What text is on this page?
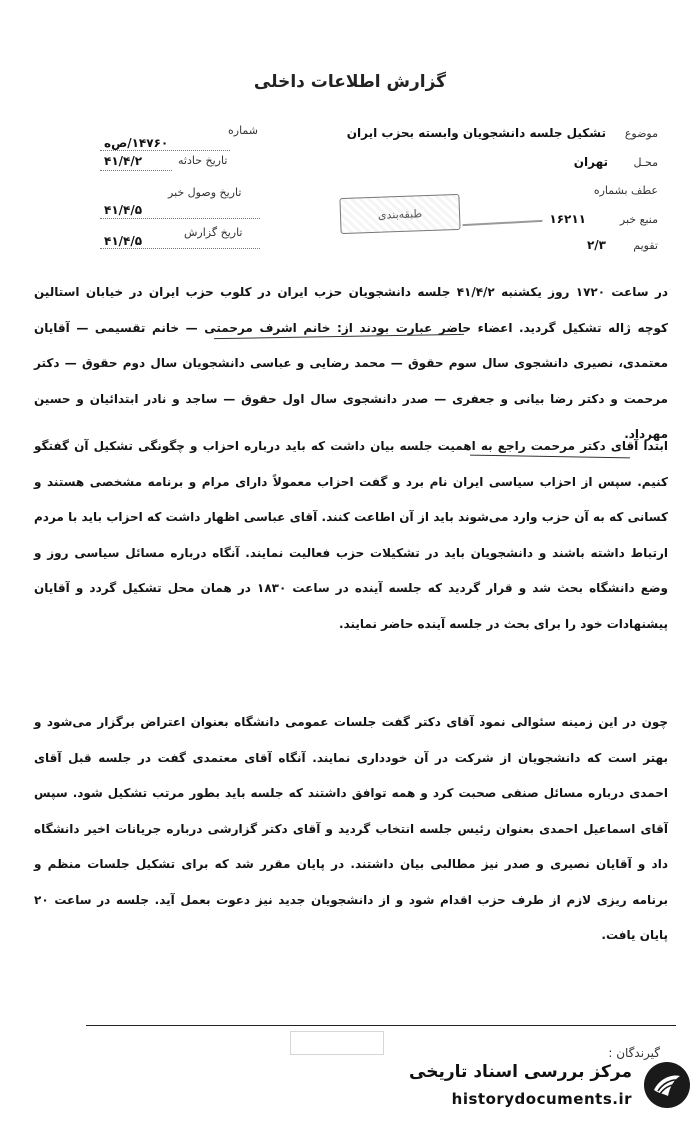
گزارش اطلاعات داخلی
موضوع
تشکیل جلسه دانشجویان وابسته بحزب ایران
محـل
تهران
عطف بشماره
منبع خبر
۱۶۲۱۱
تقویم
۲/۳
شماره
۱۴۷۶۰/ص‌ه
تاریخ حادثه
۴۱/۴/۲
تاریخ وصول خبر
۴۱/۴/۵
تاریخ گزارش
۴۱/۴/۵
طبقه‌بندی
در ساعت ۱۷۲۰ روز یکشنبه ۴۱/۴/۲ جلسه دانشجویان حزب ایران در کلوب حزب ایران در خیابان استالین کوچه ژاله تشکیل گردید. اعضاء حاضر عبارت بودند از: خانم اشرف مرحمتی — خانم تقسیمی — آقایان معتمدی، نصیری دانشجوی سال سوم حقوق — محمد رضایی و عباسی دانشجویان سال دوم حقوق — دکتر مرحمت و دکتر رضا بیانی و جعفری — صدر دانشجوی سال اول حقوق — ساجد و نادر ابتدائیان و حسین مهرداد.
ابتدا آقای دکتر مرحمت راجع به اهمیت جلسه بیان داشت که باید درباره احزاب و چگونگی تشکیل آن گفتگو کنیم. سپس از احزاب سیاسی ایران نام برد و گفت احزاب معمولاً دارای مرام و برنامه مشخصی هستند و کسانی که به آن حزب وارد می‌شوند باید از آن اطاعت کنند. آقای عباسی اظهار داشت که احزاب باید با مردم ارتباط داشته باشند و دانشجویان باید در تشکیلات حزب فعالیت نمایند. آنگاه درباره مسائل سیاسی روز و وضع دانشگاه بحث شد و قرار گردید که جلسه آینده در ساعت ۱۸۳۰ در همان محل تشکیل گردد و آقایان پیشنهادات خود را برای بحث در جلسه آینده حاضر نمایند.
چون در این زمینه سئوالی نمود آقای دکتر گفت جلسات عمومی دانشگاه بعنوان اعتراض برگزار می‌شود و بهتر است که دانشجویان از شرکت در آن خودداری نمایند. آنگاه آقای معتمدی گفت در جلسه قبل آقای احمدی درباره مسائل صنفی صحبت کرد و همه توافق داشتند که جلسه باید بطور مرتب تشکیل شود. سپس آقای اسماعیل احمدی بعنوان رئیس جلسه انتخاب گردید و آقای دکتر گزارشی درباره جریانات اخیر دانشگاه داد و آقایان نصیری و صدر نیز مطالبی بیان داشتند. در پایان مقرر شد که برای تشکیل جلسات منظم و برنامه ریزی لازم از طرف حزب اقدام شود و از دانشجویان جدید نیز دعوت بعمل آید. جلسه در ساعت ۲۰ پایان یافت.
گیرندگان :
مرکز بررسی اسناد تاریخی
historydocuments.ir
